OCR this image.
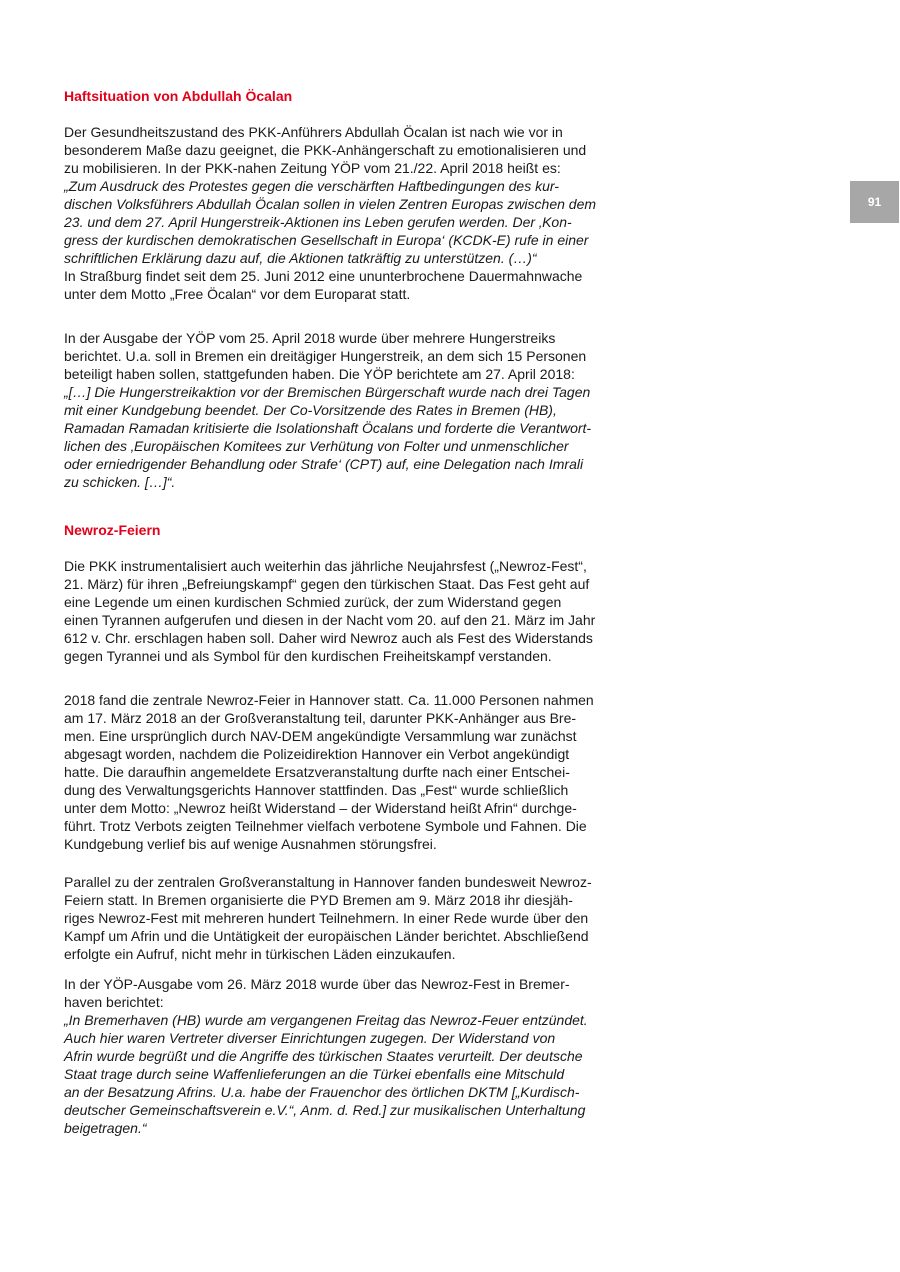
91
Haftsituation von Abdullah Öcalan

Der Gesundheitszustand des PKK-Anführers Abdullah Öcalan ist nach wie vor in
besonderem Maße dazu geeignet, die PKK-Anhängerschaft zu emotionalisieren und
zu mobilisieren. In der PKK-nahen Zeitung YÖP vom 21./22. April 2018 heißt es:
„Zum Ausdruck des Protestes gegen die verschärften Haftbedingungen des kur-
dischen Volksführers Abdullah Öcalan sollen in vielen Zentren Europas zwischen dem
23. und dem 27. April Hungerstreik-Aktionen ins Leben gerufen werden. Der ‚Kon-
gress der kurdischen demokratischen Gesellschaft in Europa‘ (KCDK-E) rufe in einer
schriftlichen Erklärung dazu auf, die Aktionen tatkräftig zu unterstützen. (…)“
In Straßburg findet seit dem 25. Juni 2012 eine ununterbrochene Dauermahnwache
unter dem Motto „Free Öcalan“ vor dem Europarat statt.

In der Ausgabe der YÖP vom 25. April 2018 wurde über mehrere Hungerstreiks
berichtet. U.a. soll in Bremen ein dreitägiger Hungerstreik, an dem sich 15 Personen
beteiligt haben sollen, stattgefunden haben. Die YÖP berichtete am 27. April 2018:
„[…] Die Hungerstreikaktion vor der Bremischen Bürgerschaft wurde nach drei Tagen
mit einer Kundgebung beendet. Der Co-Vorsitzende des Rates in Bremen (HB),
Ramadan Ramadan kritisierte die Isolationshaft Öcalans und forderte die Verantwort-
lichen des ‚Europäischen Komitees zur Verhütung von Folter und unmenschlicher
oder erniedrigender Behandlung oder Strafe‘ (CPT) auf, eine Delegation nach Imrali
zu schicken. […]“.

Newroz-Feiern

Die PKK instrumentalisiert auch weiterhin das jährliche Neujahrsfest („Newroz-Fest“,
21. März) für ihren „Befreiungskampf“ gegen den türkischen Staat. Das Fest geht auf
eine Legende um einen kurdischen Schmied zurück, der zum Widerstand gegen
einen Tyrannen aufgerufen und diesen in der Nacht vom 20. auf den 21. März im Jahr
612 v. Chr. erschlagen haben soll. Daher wird Newroz auch als Fest des Widerstands
gegen Tyrannei und als Symbol für den kurdischen Freiheitskampf verstanden.

2018 fand die zentrale Newroz-Feier in Hannover statt. Ca. 11.000 Personen nahmen
am 17. März 2018 an der Großveranstaltung teil, darunter PKK-Anhänger aus Bre-
men. Eine ursprünglich durch NAV-DEM angekündigte Versammlung war zunächst
abgesagt worden, nachdem die Polizeidirektion Hannover ein Verbot angekündigt
hatte. Die daraufhin angemeldete Ersatzveranstaltung durfte nach einer Entschei-
dung des Verwaltungsgerichts Hannover stattfinden. Das „Fest“ wurde schließlich
unter dem Motto: „Newroz heißt Widerstand – der Widerstand heißt Afrin“ durchge-
führt. Trotz Verbots zeigten Teilnehmer vielfach verbotene Symbole und Fahnen. Die
Kundgebung verlief bis auf wenige Ausnahmen störungsfrei.

Parallel zu der zentralen Großveranstaltung in Hannover fanden bundesweit Newroz-
Feiern statt. In Bremen organisierte die PYD Bremen am 9. März 2018 ihr diesjäh-
riges Newroz-Fest mit mehreren hundert Teilnehmern. In einer Rede wurde über den
Kampf um Afrin und die Untätigkeit der europäischen Länder berichtet. Abschließend
erfolgte ein Aufruf, nicht mehr in türkischen Läden einzukaufen.

In der YÖP-Ausgabe vom 26. März 2018 wurde über das Newroz-Fest in Bremer-
haven berichtet:
„In Bremerhaven (HB) wurde am vergangenen Freitag das Newroz-Feuer entzündet.
Auch hier waren Vertreter diverser Einrichtungen zugegen. Der Widerstand von
Afrin wurde begrüßt und die Angriffe des türkischen Staates verurteilt. Der deutsche
Staat trage durch seine Waffenlieferungen an die Türkei ebenfalls eine Mitschuld
an der Besatzung Afrins. U.a. habe der Frauenchor des örtlichen DKTM [„Kurdisch-
deutscher Gemeinschaftsverein e.V.“, Anm. d. Red.] zur musikalischen Unterhaltung
beigetragen.“
